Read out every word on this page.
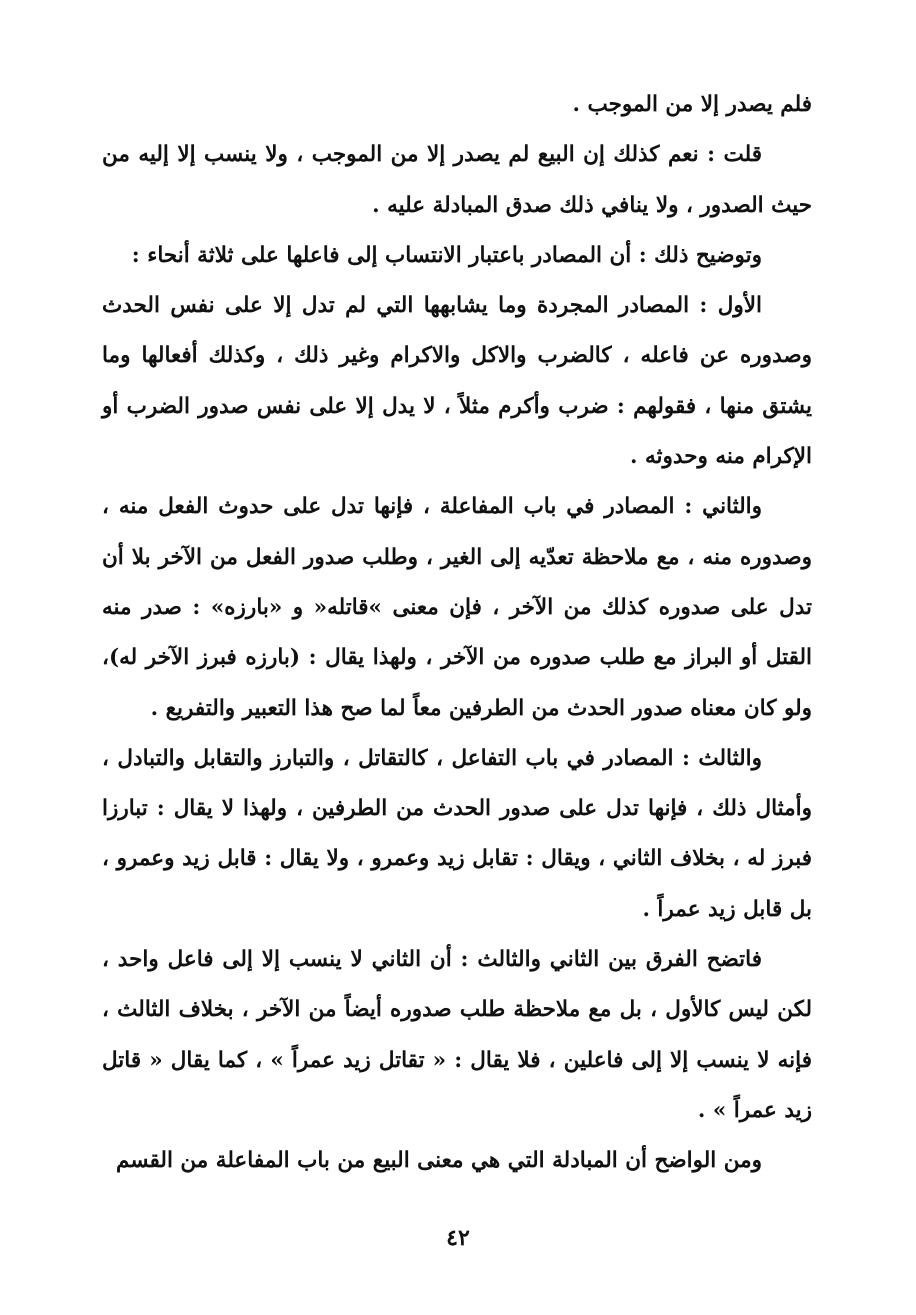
فلم يصدر إلا من الموجب .

قلت : نعم كذلك إن البيع لم يصدر إلا من الموجب ، ولا ينسب إلا إليه من حيث الصدور ، ولا ينافي ذلك صدق المبادلة عليه .

وتوضيح ذلك : أن المصادر باعتبار الانتساب إلى فاعلها على ثلاثة أنحاء :

الأول : المصادر المجردة وما يشابهها التي لم تدل إلا على نفس الحدث وصدوره عن فاعله ، كالضرب والاكل والاكرام وغير ذلك ، وكذلك أفعالها وما يشتق منها ، فقولهم : ضرب وأكرم مثلاً ، لا يدل إلا على نفس صدور الضرب أو الإكرام منه وحدوثه .

والثاني : المصادر في باب المفاعلة ، فإنها تدل على حدوث الفعل منه ، وصدوره منه ، مع ملاحظة تعدّيه إلى الغير ، وطلب صدور الفعل من الآخر بلا أن تدل على صدوره كذلك من الآخر ، فإن معنى »قاتله« و «بارزه» : صدر منه القتل أو البراز مع طلب صدوره من الآخر ، ولهذا يقال : (بارزه فبرز الآخر له)، ولو كان معناه صدور الحدث من الطرفين معاً لما صح هذا التعبير والتفريع .

والثالث : المصادر في باب التفاعل ، كالتقاتل ، والتبارز والتقابل والتبادل ، وأمثال ذلك ، فإنها تدل على صدور الحدث من الطرفين ، ولهذا لا يقال : تبارزا فبرز له ، بخلاف الثاني ، ويقال : تقابل زيد وعمرو ، ولا يقال : قابل زيد وعمرو ، بل قابل زيد عمراً .

فاتضح الفرق بين الثاني والثالث : أن الثاني لا ينسب إلا إلى فاعل واحد ، لكن ليس كالأول ، بل مع ملاحظة طلب صدوره أيضاً من الآخر ، بخلاف الثالث ، فإنه لا ينسب إلا إلى فاعلين ، فلا يقال : « تقاتل زيد عمراً » ، كما يقال « قاتل زيد عمراً » .

ومن الواضح أن المبادلة التي هي معنى البيع من باب المفاعلة من القسم

٤٢
